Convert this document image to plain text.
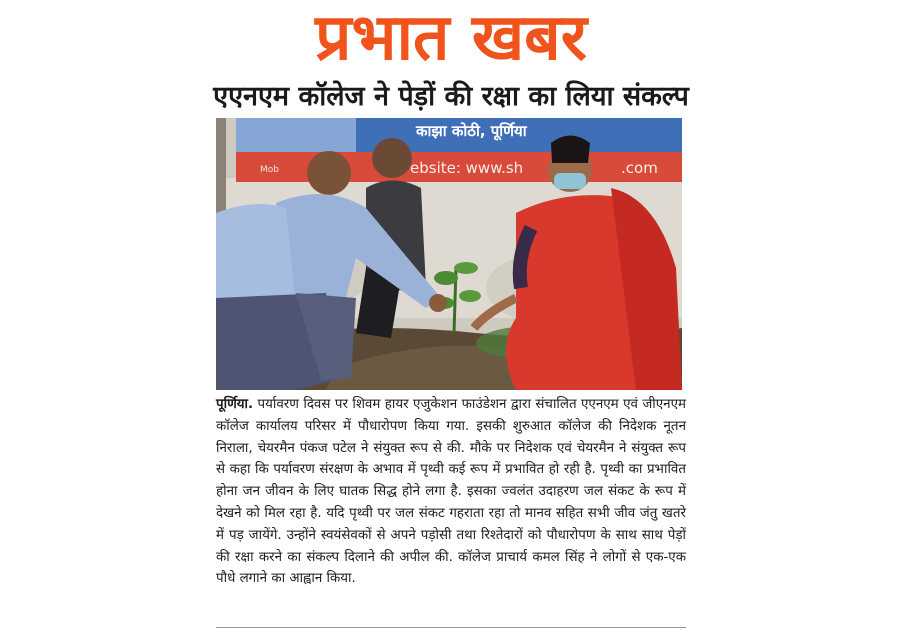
प्रभात खबर
एएनएम कॉलेज ने पेड़ों की रक्षा का लिया संकल्प
काझा कोठी, पूर्णिया
Mob	ebsite: www.sh	.com
पूर्णिया. पर्यावरण दिवस पर शिवम हायर एजुकेशन फाउंडेशन द्वारा संचालित एएनएम एवं जीएनएम कॉलेज कार्यालय परिसर में पौधारोपण किया गया. इसकी शुरुआत कॉलेज की निदेशक नूतन निराला, चेयरमैन पंकज पटेल ने संयुक्त रूप से की. मौके पर निदेशक एवं चेयरमैन ने संयुक्त रूप से कहा कि पर्यावरण संरक्षण के अभाव में पृथ्वी कई रूप में प्रभावित हो रही है. पृथ्वी का प्रभावित होना जन जीवन के लिए घातक सिद्ध होने लगा है. इसका ज्वलंत उदाहरण जल संकट के रूप में देखने को मिल रहा है. यदि पृथ्वी पर जल संकट गहराता रहा तो मानव सहित सभी जीव जंतु खतरे में पड़ जायेंगे. उन्होंने स्वयंसेवकों से अपने पड़ोसी तथा रिश्तेदारों को पौधारोपण के साथ साथ पेड़ों की रक्षा करने का संकल्प दिलाने की अपील की. कॉलेज प्राचार्य कमल सिंह ने लोगों से एक-एक पौधे लगाने का आह्वान किया.
